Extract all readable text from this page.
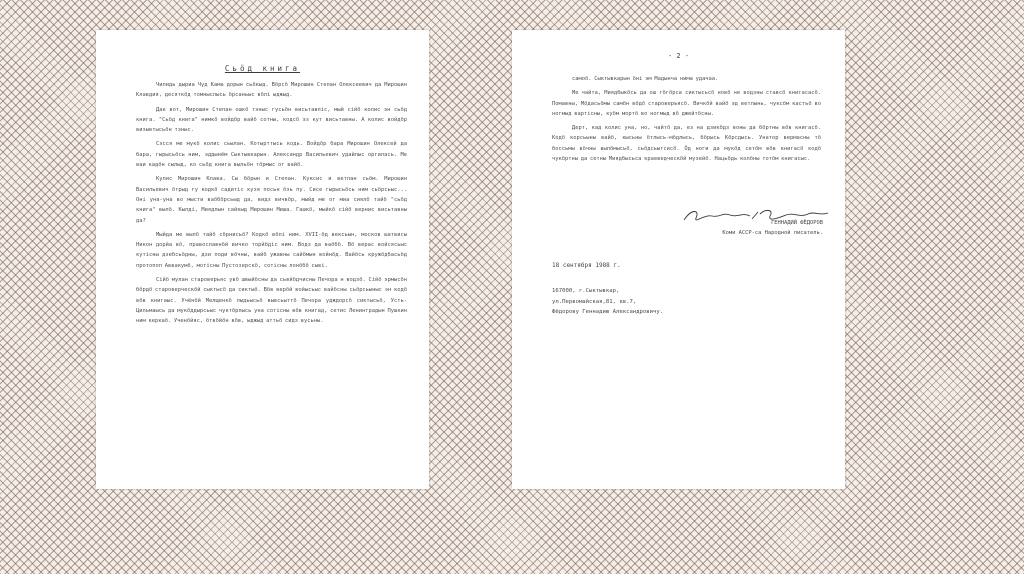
Сьӧд книга

Чилидь дыриа Чуд Кама дорын сьӧкыд. Вӧрсӧ Мирошин Степан Олексеевич да Мирошин Клавдия, десяткӧд томныслысь ӧрсаньыс вӧлі ыджыд.

Дак вот, Мирошин Степан ошкӧ тэныс гусьӧн висьтавліс, мый сійӧ колис эн сьӧд книга. "Сьӧд книга" нимкӧ войдӧр вайӧ сотны, кодсӧ эз кут висьтавны. А колис войдӧр визывтысьӧн тэныс.

Сэсся ме мукӧ колис сьылан. Котырттысь кодь. Войдӧр бара Мирошин Олексей да бара, гырысьӧсь ним, эддынём Сыктывкарын. Александр Васильевич удайлыс оргилась. Ме ваи кадӧн сылыд, ко сьӧд книга выльӧн тӧрмыс ог вайӧ.

Кулис Мирошин Клава. Сы бӧрын и Степан. Куксис и ветлан сьӧм. Мирошин Васильевич ӧтрыд гу кодкӧ садитіс кузя посьн ӧзь пу. Сисе гырысьӧсь ним сьӧрсьыс... Оні уна-уна во мысти ваӧбӧрсьыд да, видз вичвӧр, мыйд ме ог миа сиялӧ тайӧ "сьӧд книга" вылӧ. Кылді, Миядлын сайкыд Мирошин Миша. Гашкӧ, мыйкӧ сійӧ вернис висьтавны да?

Мыйда ме вылӧ тайӧ сӧрнисьӧ? Кодкӧ вӧлі ним. XVII-ӧд вексьын, москов шатвисы Никон дорйа вӧ, православнӧй вичко торйӧдіс ним. Водз да ваӧбӧ. Вӧ верас войсясьыс кутісны дзебсьӧдны, дзи поди вӧчны, вайӧ ужавны сайӧмын войнӧд. Вайӧсь кружӧдбасьӧд протопоп Аввакумӧ, мотісны Пустозерскӧ, сотісны лонӧбӧ сыві.

Сійӧ мулан староверъяс увӧ швыйӧсны да сьвйӧдчисны Печора н водзӧ. Сійӧ эрмысӧн бӧрдӧ староверческӧй сыктысӧ да сиктыӧ. Вӧв верӧй войысьыс вайӧсны сьӧрсьыныс эн кодӧ вӧв книгаыс. Учёнӧй Мелщенкӧ лыдьысьӧ вывсьыттӧ Печора удждорсӧ сиктысьӧ, Усть-Цильмаысь да мукӧддырсьыс чуктӧрлысь уна сотісны вӧв книгад, сетис Ленинградын Пушкин ним керкаӧ. Ученӧйяс, ӧтвӧйӧн вӧв, ыджыд аттьӧ сидз вусьны.

- 2 -

самоӧ. Сыктывкарын ӧні эм Мадынча нима удачаа.

Ме чайта, Миядбыкӧсь да ош гӧгӧрса сиктысьсӧ новӧ не водзны ставсӧ книгасасӧ. Помавны, Мӧдасьӧмы самӧн вӧдӧ староверъясӧ. Вичкӧй вайӧ эд ветлынь, чуксӧм кастьӧ во ногмыд вартісны, куӧм мортӧ во ногмыд вӧ джейтӧсны.

Дерт, кад колис уна, но, чайтӧ да, ез на дзикӧдз воны да бӧртны вӧв книгасӧ. Кодӧ корсьыны вайӧ, кысьны ӧтлысь-мӧдлысь, бӧрысь Кӧрсдысь. Унатор вермасны тӧ боссьмы вӧчны вылӧмысьӧ, сьӧдсьытсисӧ. Ӧд ноги да мукӧд сетӧм вӧв книгасӧ кодӧ чукӧртны да сетны Миядбысьса краеведческӧй музейӧ. Нацьӧдь колӧны тотӧм книгасыс.

ГЕННАДИЙ ФЁДОРОВ
Коми АССР-са Народной писатель.
18 сентября 1988 г.
167000, г.Сыктывкар,
ул.Первомайская,81, кв.7,
Фёдорову Геннадию Александровичу.
